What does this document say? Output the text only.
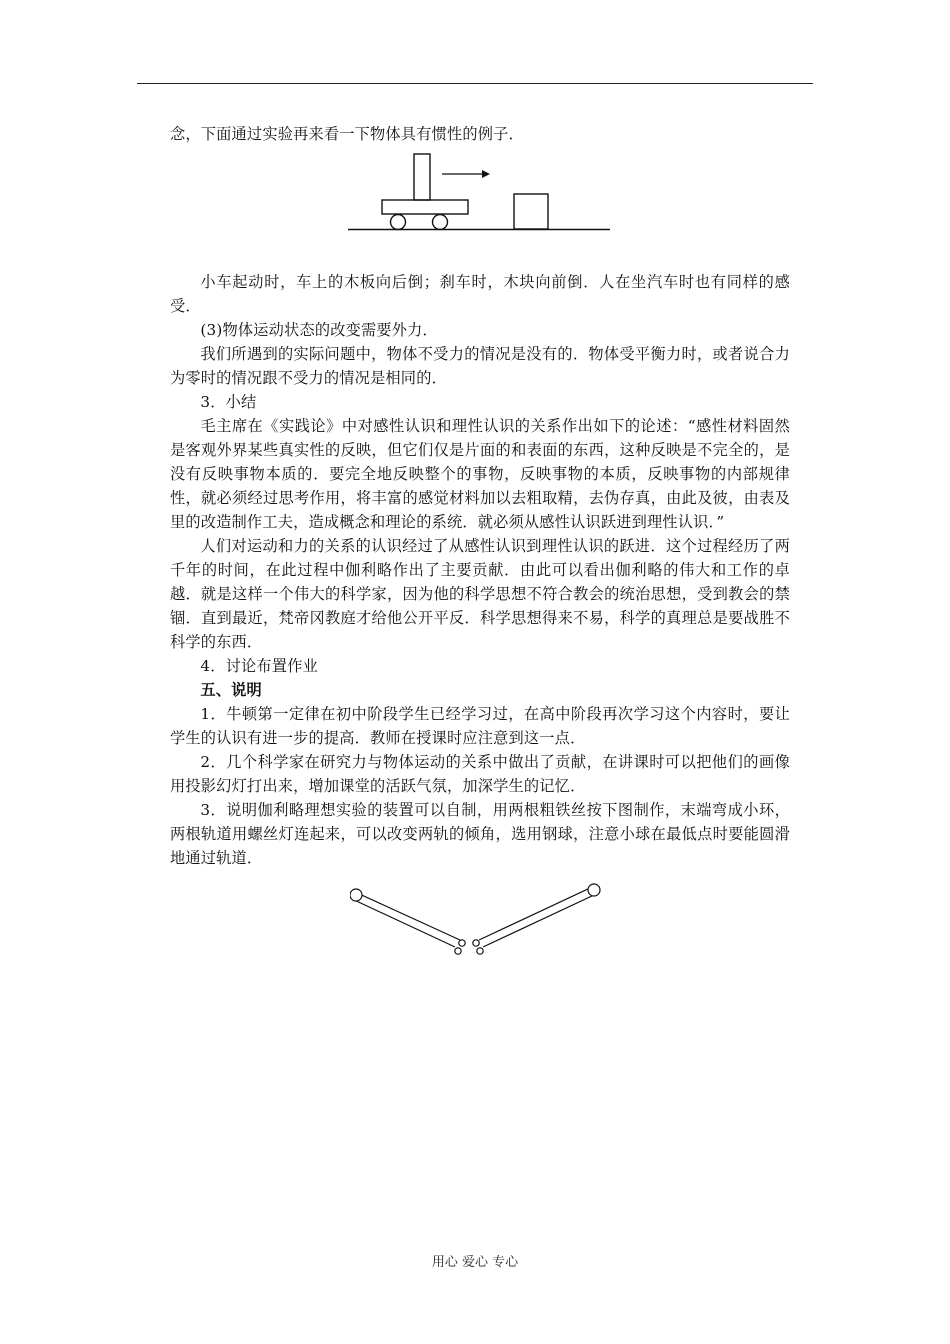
念，下面通过实验再来看一下物体具有惯性的例子．

小车起动时，车上的木板向后倒；刹车时，木块向前倒．人在坐汽车时也有同样的感受．

(3)物体运动状态的改变需要外力．

我们所遇到的实际问题中，物体不受力的情况是没有的．物体受平衡力时，或者说合力为零时的情况跟不受力的情况是相同的．

3．小结

毛主席在《实践论》中对感性认识和理性认识的关系作出如下的论述：“感性材料固然是客观外界某些真实性的反映，但它们仅是片面的和表面的东西，这种反映是不完全的，是没有反映事物本质的．要完全地反映整个的事物，反映事物的本质，反映事物的内部规律性，就必须经过思考作用，将丰富的感觉材料加以去粗取精，去伪存真，由此及彼，由表及里的改造制作工夫，造成概念和理论的系统．就必须从感性认识跃进到理性认识．”

人们对运动和力的关系的认识经过了从感性认识到理性认识的跃进．这个过程经历了两千年的时间，在此过程中伽利略作出了主要贡献．由此可以看出伽利略的伟大和工作的卓越．就是这样一个伟大的科学家，因为他的科学思想不符合教会的统治思想，受到教会的禁锢．直到最近，梵帝冈教庭才给他公开平反．科学思想得来不易，科学的真理总是要战胜不科学的东西．

4．讨论布置作业

五、说明

1．牛顿第一定律在初中阶段学生已经学习过，在高中阶段再次学习这个内容时，要让学生的认识有进一步的提高．教师在授课时应注意到这一点．

2．几个科学家在研究力与物体运动的关系中做出了贡献，在讲课时可以把他们的画像用投影幻灯打出来，增加课堂的活跃气氛，加深学生的记忆．

3．说明伽利略理想实验的装置可以自制，用两根粗铁丝按下图制作，末端弯成小环，两根轨道用螺丝灯连起来，可以改变两轨的倾角，选用钢球，注意小球在最低点时要能圆滑地通过轨道．

用心 爱心 专心
